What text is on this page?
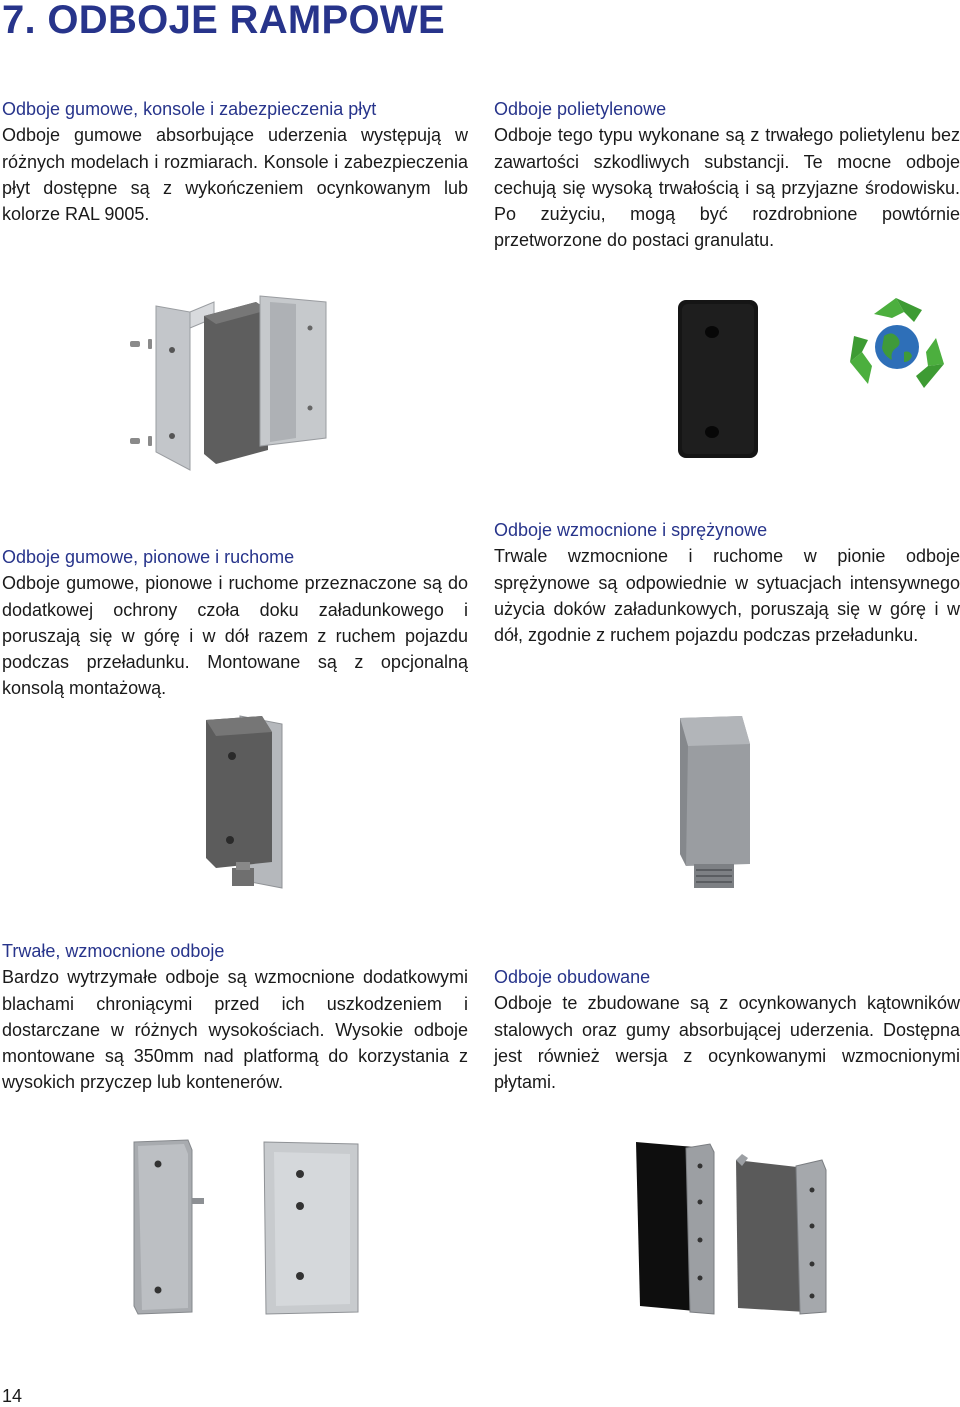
7. ODBOJE RAMPOWE
Odboje gumowe, konsole i zabezpieczenia płyt

Odboje gumowe absorbujące uderzenia występują w różnych modelach i rozmiarach. Konsole i zabezpieczenia płyt dostępne są z wykończeniem ocynkowanym lub kolorze RAL 9005.

Odboje polietylenowe

Odboje tego typu wykonane są z trwałego polietylenu bez zawartości szkodliwych substancji. Te mocne odboje cechują się wysoką trwałością i są przyjazne środowisku. Po zużyciu, mogą być rozdrobnione powtórnie przetworzone do postaci granulatu.

Odboje gumowe, pionowe i ruchome

Odboje gumowe, pionowe i ruchome przeznaczone są do dodatkowej ochrony czoła doku załadunkowego i poruszają się w górę i w dół razem z ruchem pojazdu podczas przeładunku. Montowane są z opcjonalną konsolą montażową.

Odboje wzmocnione i sprężynowe

Trwale wzmocnione i ruchome w pionie odboje sprężynowe są odpowiednie w sytuacjach intensywnego użycia doków załadunkowych, poruszają się w górę i w dół, zgodnie z ruchem pojazdu podczas przeładunku.

Trwałe, wzmocnione odboje

Bardzo wytrzymałe odboje są wzmocnione dodatkowymi blachami chroniącymi przed ich uszkodzeniem i dostarczane w różnych wysokościach. Wysokie odboje montowane są 350mm nad platformą do korzystania z wysokich przyczep lub kontenerów.

Odboje obudowane

Odboje te zbudowane są z ocynkowanych kątowników stalowych oraz gumy absorbującej uderzenia. Dostępna jest również wersja z ocynkowanymi wzmocnionymi płytami.

14
